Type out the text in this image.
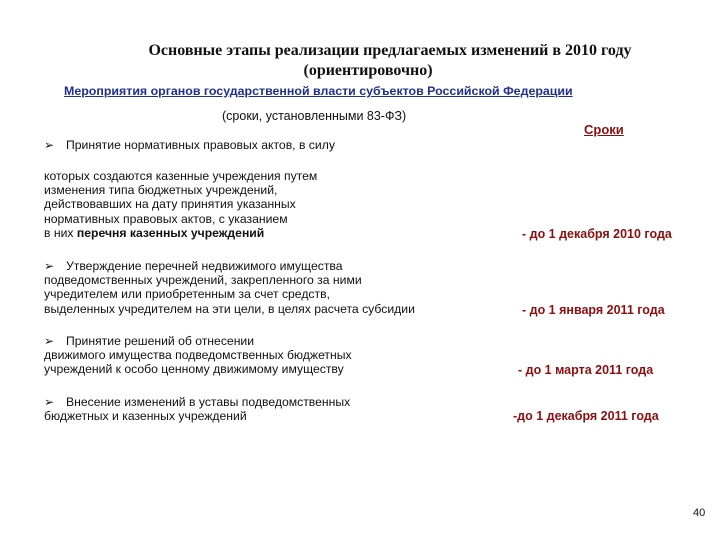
Основные этапы реализации предлагаемых изменений в 2010 году
(ориентировочно)
Мероприятия органов государственной власти субъектов Российской Федерации
(сроки, установленными 83-ФЗ)
Сроки

➢ Принятие нормативных правовых актов, в силу

которых создаются казенные учреждения путем

изменения типа бюджетных учреждений,

действовавших на дату принятия указанных

нормативных правовых актов, с указанием

в них перечня казенных учреждений	- до 1 декабря 2010 года

➢ Утверждение перечней недвижимого имущества

подведомственных учреждений, закрепленного за ними

учредителем или приобретенным за счет средств,

выделенных учредителем на эти цели, в целях расчета субсидии	- до 1 января 2011 года

➢ Принятие решений об отнесении

движимого имущества подведомственных бюджетных

учреждений к особо ценному движимому имуществу	- до 1 марта 2011 года

➢ Внесение изменений в уставы подведомственных

бюджетных и казенных учреждений	-до 1 декабря 2011 года
40
